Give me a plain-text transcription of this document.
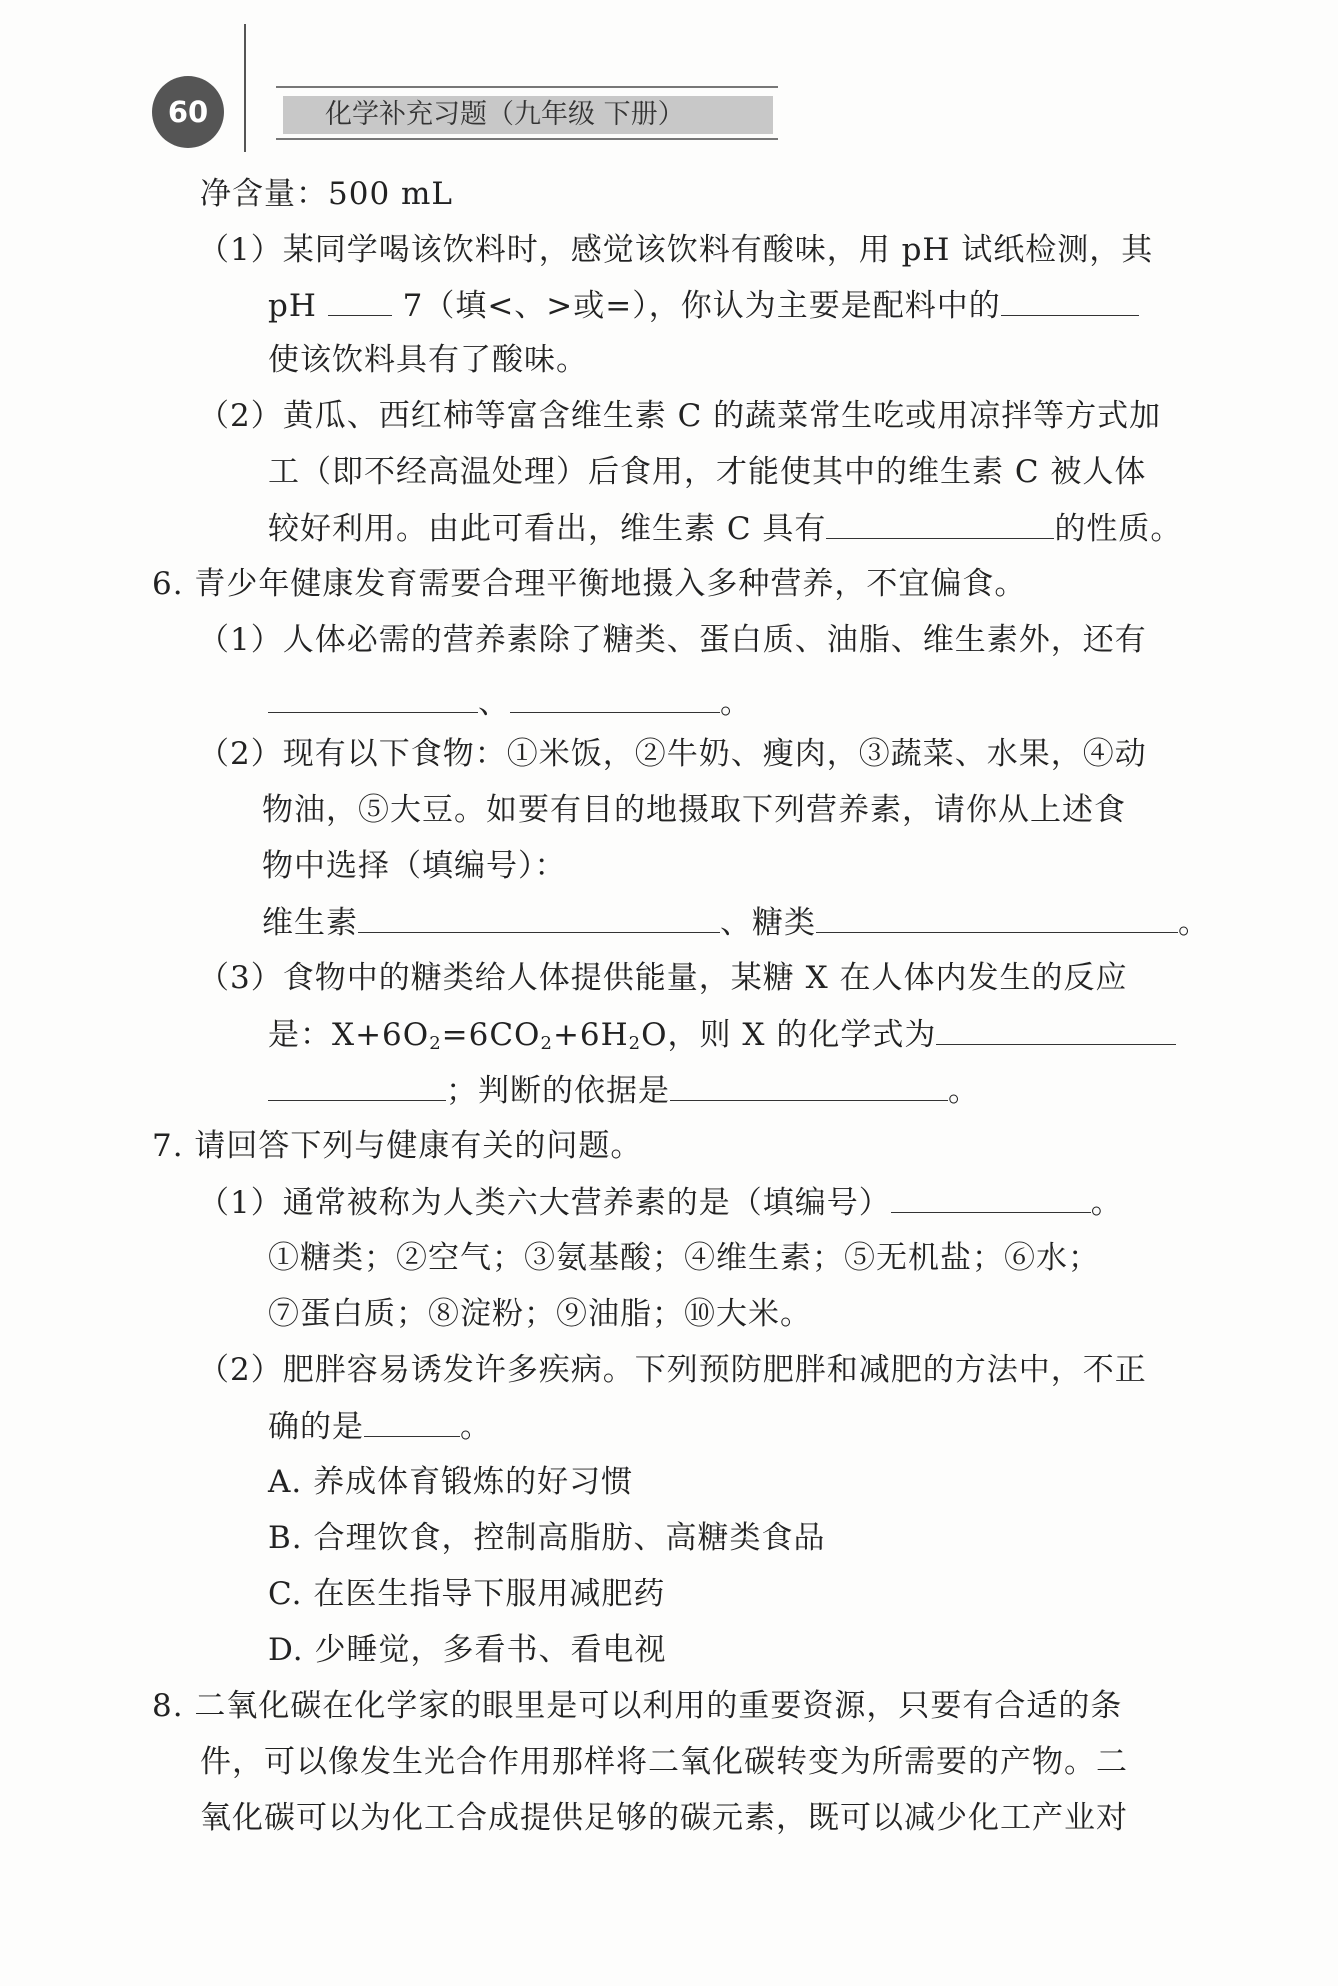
60	化学补充习题（九年级 下册）
净含量：500 mL
（1）某同学喝该饮料时，感觉该饮料有酸味，用 pH 试纸检测，其
pH	7（填<、>或=），你认为主要是配料中的
使该饮料具有了酸味。
（2）黄瓜、西红柿等富含维生素 C 的蔬菜常生吃或用凉拌等方式加
工（即不经高温处理）后食用，才能使其中的维生素 C 被人体
较好利用。由此可看出，维生素 C 具有	的性质。
6. 青少年健康发育需要合理平衡地摄入多种营养，不宜偏食。
（1）人体必需的营养素除了糖类、蛋白质、油脂、维生素外，还有
、	。
（2）现有以下食物：①米饭，②牛奶、瘦肉，③蔬菜、水果，④动
物油，⑤大豆。如要有目的地摄取下列营养素，请你从上述食
物中选择（填编号）：
维生素	、糖类	。
（3）食物中的糖类给人体提供能量，某糖 X 在人体内发生的反应
是：$X+6O_2=6CO_2+6H_2O$，则 X 的化学式为
；判断的依据是	。
7. 请回答下列与健康有关的问题。
（1）通常被称为人类六大营养素的是（填编号）	。
①糖类；②空气；③氨基酸；④维生素；⑤无机盐；⑥水；
⑦蛋白质；⑧淀粉；⑨油脂；⑩大米。
（2）肥胖容易诱发许多疾病。下列预防肥胖和减肥的方法中，不正
确的是	。
A. 养成体育锻炼的好习惯
B. 合理饮食，控制高脂肪、高糖类食品
C. 在医生指导下服用减肥药
D. 少睡觉，多看书、看电视
8. 二氧化碳在化学家的眼里是可以利用的重要资源，只要有合适的条
件，可以像发生光合作用那样将二氧化碳转变为所需要的产物。二
氧化碳可以为化工合成提供足够的碳元素，既可以减少化工产业对
